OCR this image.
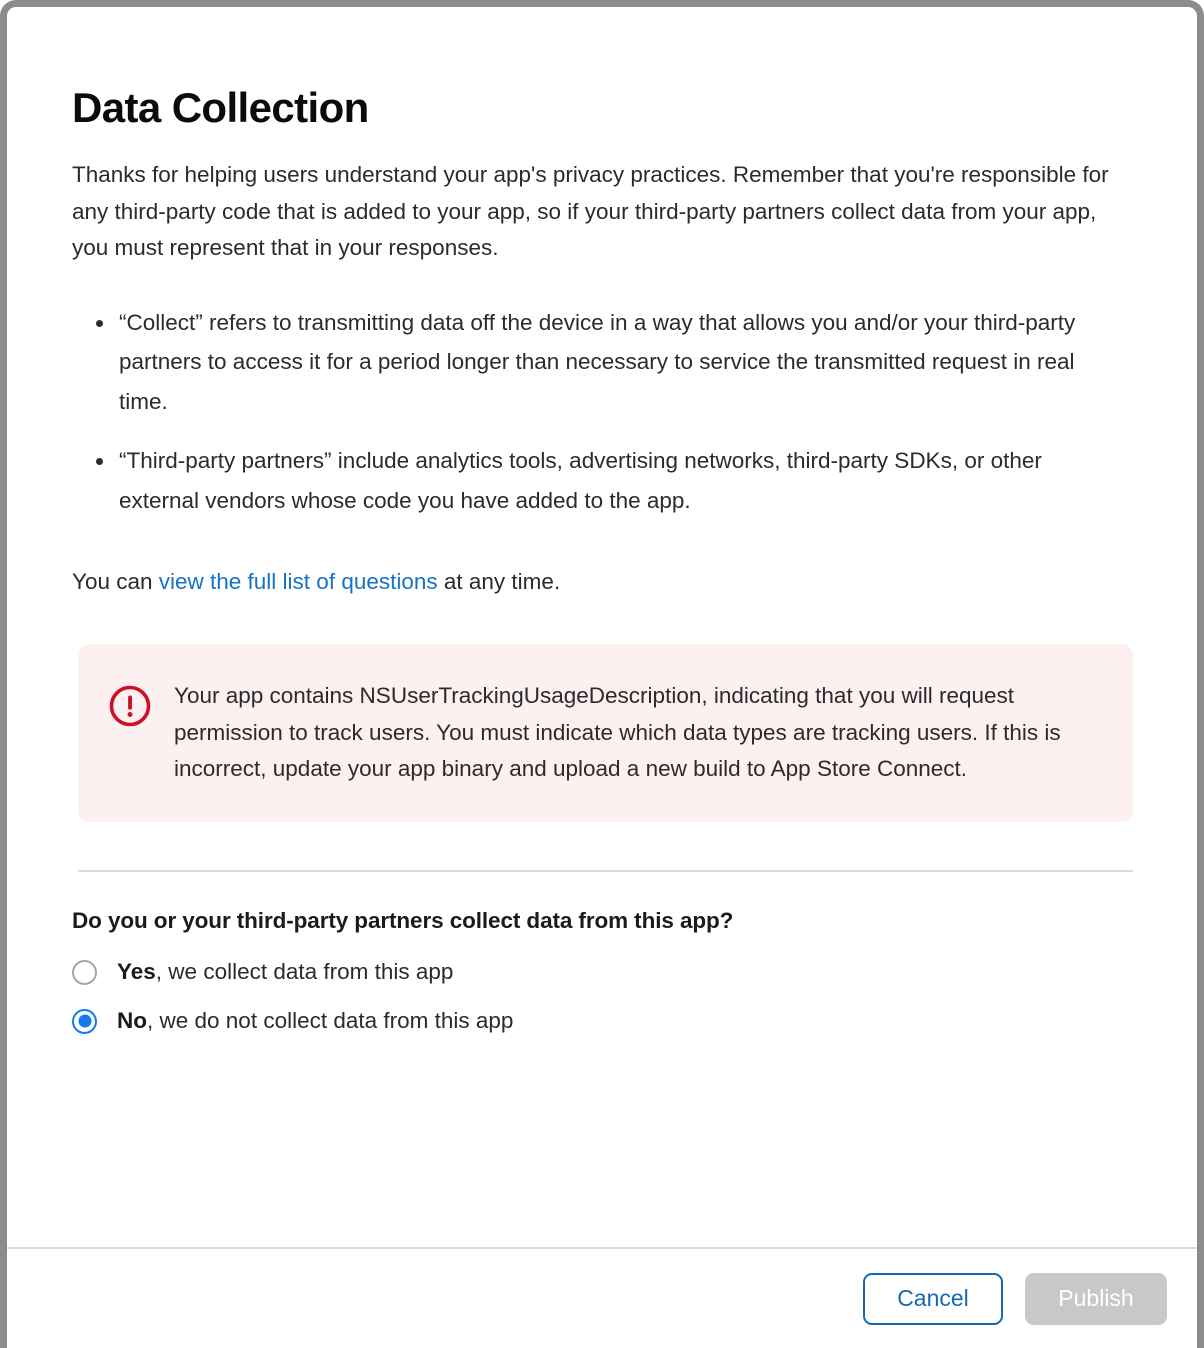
Data Collection

Thanks for helping users understand your app's privacy practices. Remember that you're responsible for any third-party code that is added to your app, so if your third-party partners collect data from your app, you must represent that in your responses.

“Collect” refers to transmitting data off the device in a way that allows you and/or your third-party partners to access it for a period longer than necessary to service the transmitted request in real time.
“Third-party partners” include analytics tools, advertising networks, third-party SDKs, or other external vendors whose code you have added to the app.

You can view the full list of questions at any time.

Your app contains NSUserTrackingUsageDescription, indicating that you will request permission to track users. You must indicate which data types are tracking users. If this is incorrect, update your app binary and upload a new build to App Store Connect.
Do you or your third-party partners collect data from this app?
Yes, we collect data from this app
No, we do not collect data from this app
Cancel	Publish
